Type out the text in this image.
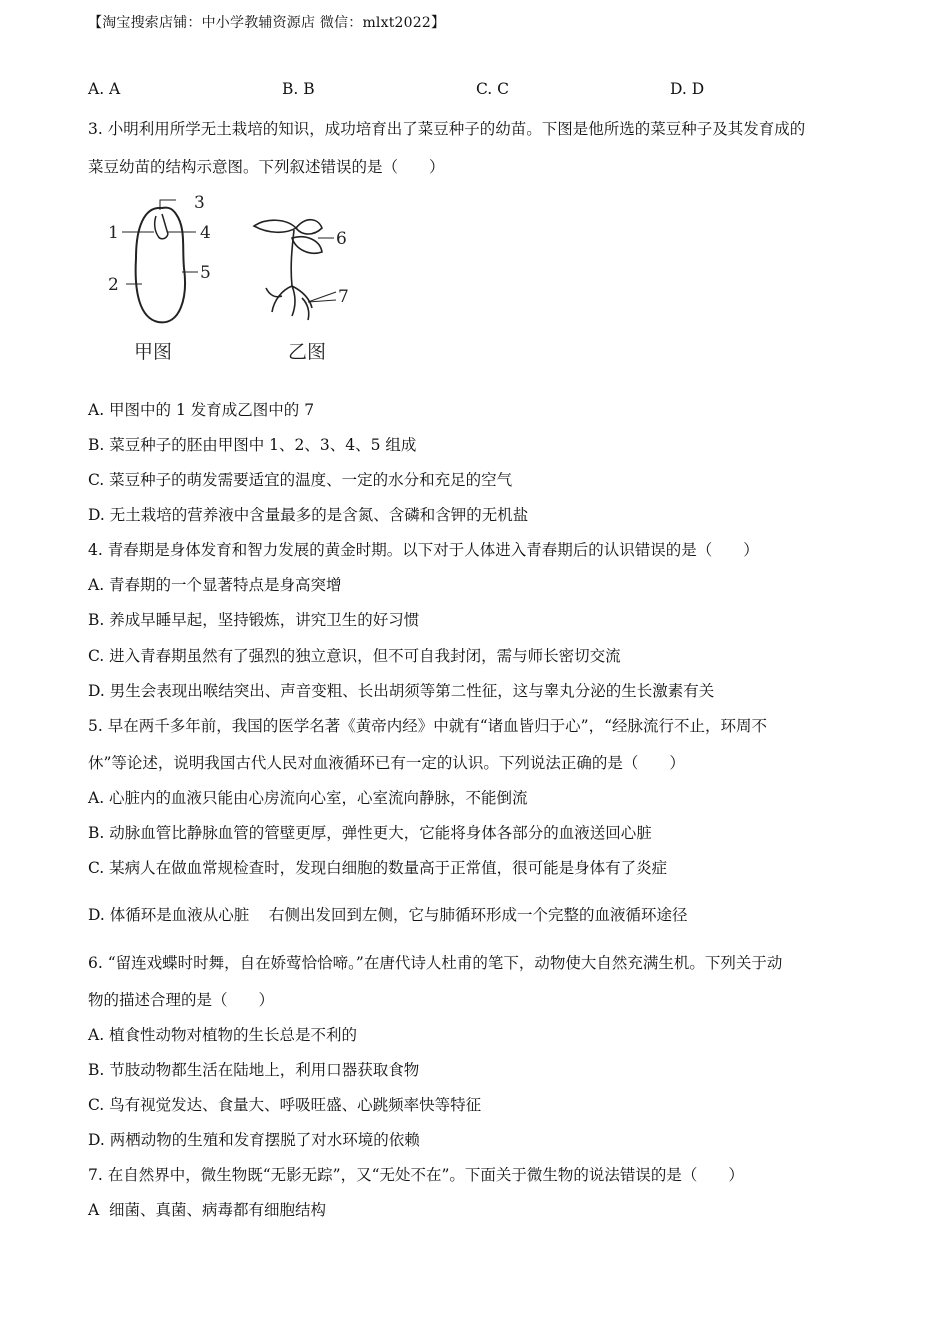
【淘宝搜索店铺：中小学教辅资源店 微信：mlxt2022】
A. A	B. B	C. C	D. D
3. 小明利用所学无土栽培的知识，成功培育出了菜豆种子的幼苗。下图是他所选的菜豆种子及其发育成的
菜豆幼苗的结构示意图。下列叙述错误的是（　　）
3
1	4
2
5
6
7
甲图	乙图
A. 甲图中的 1 发育成乙图中的 7
B. 菜豆种子的胚由甲图中 1、2、3、4、5 组成
C. 菜豆种子的萌发需要适宜的温度、一定的水分和充足的空气
D. 无土栽培的营养液中含量最多的是含氮、含磷和含钾的无机盐
4. 青春期是身体发育和智力发展的黄金时期。以下对于人体进入青春期后的认识错误的是（　　）
A. 青春期的一个显著特点是身高突增
B. 养成早睡早起，坚持锻炼，讲究卫生的好习惯
C. 进入青春期虽然有了强烈的独立意识，但不可自我封闭，需与师长密切交流
D. 男生会表现出喉结突出、声音变粗、长出胡须等第二性征，这与睾丸分泌的生长激素有关
5. 早在两千多年前，我国的医学名著《黄帝内经》中就有“诸血皆归于心”，“经脉流行不止，环周不
休”等论述，说明我国古代人民对血液循环已有一定的认识。下列说法正确的是（　　）
A. 心脏内的血液只能由心房流向心室，心室流向静脉，不能倒流
B. 动脉血管比静脉血管的管壁更厚，弹性更大，它能将身体各部分的血液送回心脏
C. 某病人在做血常规检查时，发现白细胞的数量高于正常值，很可能是身体有了炎症
D. 体循环是血液从心脏    右侧出发回到左侧，它与肺循环形成一个完整的血液循环途径
6. “留连戏蝶时时舞，自在娇莺恰恰啼。”在唐代诗人杜甫的笔下，动物使大自然充满生机。下列关于动
物的描述合理的是（　　）
A. 植食性动物对植物的生长总是不利的
B. 节肢动物都生活在陆地上，利用口器获取食物
C. 鸟有视觉发达、食量大、呼吸旺盛、心跳频率快等特征
D. 两栖动物的生殖和发育摆脱了对水环境的依赖
7. 在自然界中，微生物既“无影无踪”，又“无处不在”。下面关于微生物的说法错误的是（　　）
A  细菌、真菌、病毒都有细胞结构
